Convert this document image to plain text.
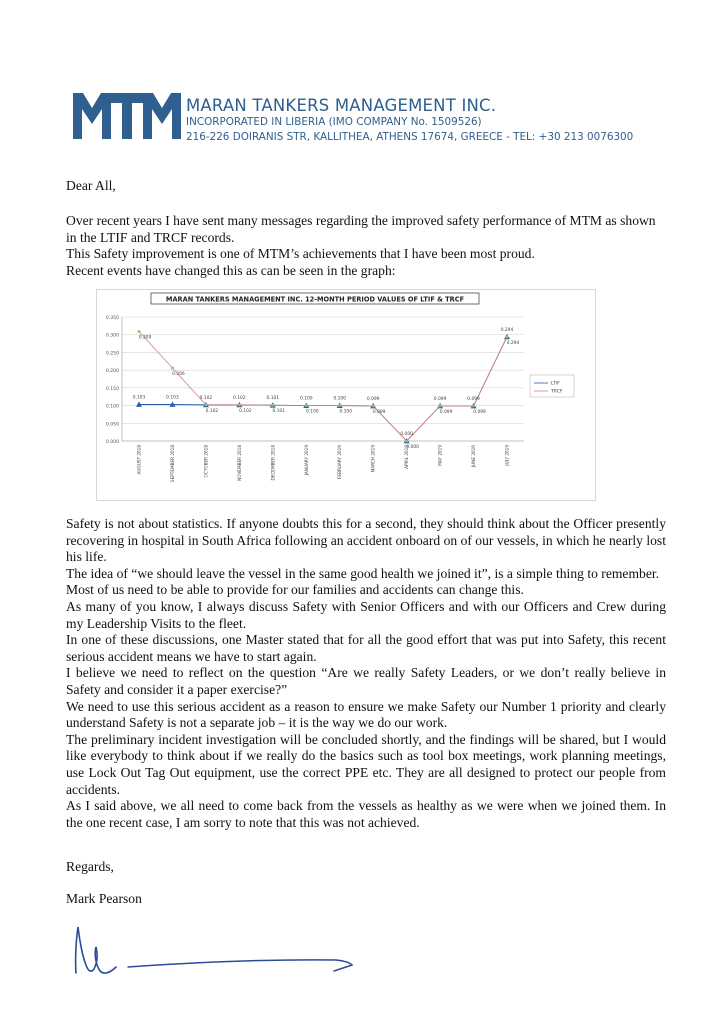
MARAN TANKERS MANAGEMENT INC.
INCORPORATED IN LIBERIA (IMO COMPANY No. 1509526)
216-226 DOIRANIS STR, KALLITHEA, ATHENS 17674, GREECE - TEL: +30 213 0076300
Dear All,

Over recent years I have sent many messages regarding the improved safety performance of MTM as shown in the LTIF and TRCF records.

This Safety improvement is one of MTM’s achievements that I have been most proud.

Recent events have changed this as can be seen in the graph:

MARAN TANKERS MANAGEMENT INC. 12-MONTH PERIOD VALUES OF LTIF & TRCF
0.000
0.050
0.100
0.150
0.200
0.250
0.300
0.350
AUGUST 2018	SEPTEMBER 2018	OCTOBER 2018	NOVEMBER 2018	DECEMBER 2018	JANUARY 2019	FEBRUARY 2019	MARCH 2019	APRIL 2019	MAY 2019	JUNE 2019	JULY 2019
0.103	0.103	0.102	0.102	0.101	0.100	0.100	0.099
0.000
0.099	0.099
0.294
0.309
0.206
0.102	0.102	0.101	0.100	0.100	0.099
0.000
0.099	0.099
0.294
LTIF
TRCF

Safety is not about statistics. If anyone doubts this for a second, they should think about the Officer presently recovering in hospital in South Africa following an accident onboard on of our vessels, in which he nearly lost his life.

The idea of “we should leave the vessel in the same good health we joined it”, is a simple thing to remember.

Most of us need to be able to provide for our families and accidents can change this.

As many of you know, I always discuss Safety with Senior Officers and with our Officers and Crew during my Leadership Visits to the fleet.

In one of these discussions, one Master stated that for all the good effort that was put into Safety, this recent serious accident means we have to start again.

I believe we need to reflect on the question “Are we really Safety Leaders, or we don’t really believe in Safety and consider it a paper exercise?”

We need to use this serious accident as a reason to ensure we make Safety our Number 1 priority and clearly understand Safety is not a separate job – it is the way we do our work.

The preliminary incident investigation will be concluded shortly, and the findings will be shared, but I would like everybody to think about if we really do the basics such as tool box meetings, work planning meetings, use Lock Out Tag Out equipment, use the correct PPE etc. They are all designed to protect our people from accidents.

As I said above, we all need to come back from the vessels as healthy as we were when we joined them. In the one recent case, I am sorry to note that this was not achieved.

Regards,
Mark Pearson
